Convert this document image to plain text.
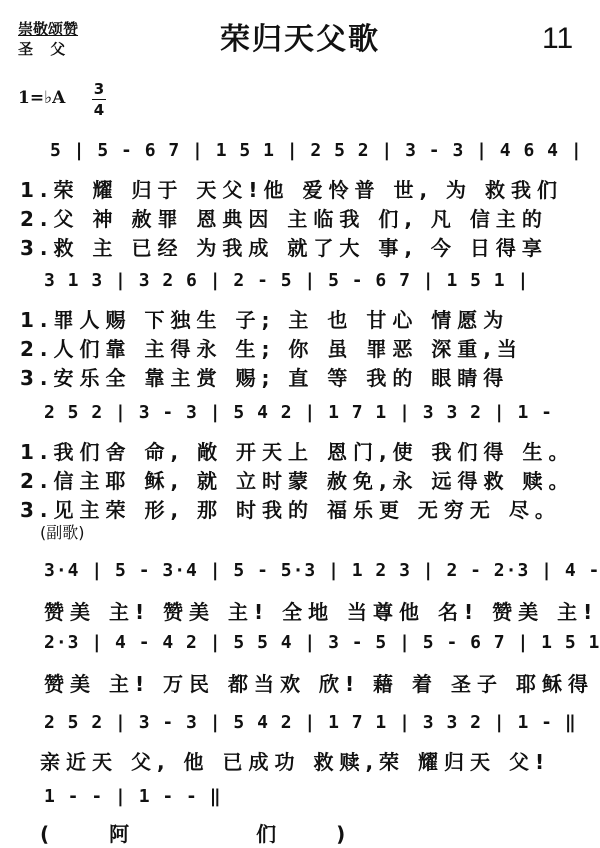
崇敬颂赞
圣 父	荣归天父歌	11
1=♭A 3
4
5 | 5 - 6 7 | 1 5 1 | 2 5 2 | 3 - 3 | 4 6 4 |
1.荣 耀 归于 天父!他 爱怜普 世, 为 救我们
2.父 神 赦罪 恩典因 主临我 们, 凡 信主的
3.救 主 已经 为我成 就了大 事, 今 日得享
3 1 3 | 3 2 6 | 2 - 5 | 5 - 6 7 | 1 5 1 |
1.罪人赐 下独生 子; 主 也 甘心 情愿为
2.人们靠 主得永 生; 你 虽 罪恶 深重,当
3.安乐全 靠主赏 赐; 直 等 我的 眼睛得
2 5 2 | 3 - 3 | 5 4 2 | 1 7 1 | 3 3 2 | 1 -
1.我们舍 命, 敞 开天上 恩门,使 我们得 生。
2.信主耶 稣, 就 立时蒙 赦免,永 远得救 赎。
3.见主荣 形, 那 时我的 福乐更 无穷无 尽。
(副歌)
3·4 | 5 - 3·4 | 5 - 5·3 | 1 2 3 | 2 - 2·3 | 4 -
赞美 主! 赞美 主! 全地 当尊他 名! 赞美 主!
2·3 | 4 - 4 2 | 5 5 4 | 3 - 5 | 5 - 6 7 | 1 5 1
赞美 主! 万民 都当欢 欣! 藉 着 圣子 耶稣得
2 5 2 | 3 - 3 | 5 4 2 | 1 7 1 | 3 3 2 | 1 - ‖
亲近天 父, 他 已成功 救赎,荣 耀归天 父!
1 - - | 1 - - ‖
(阿 们)
